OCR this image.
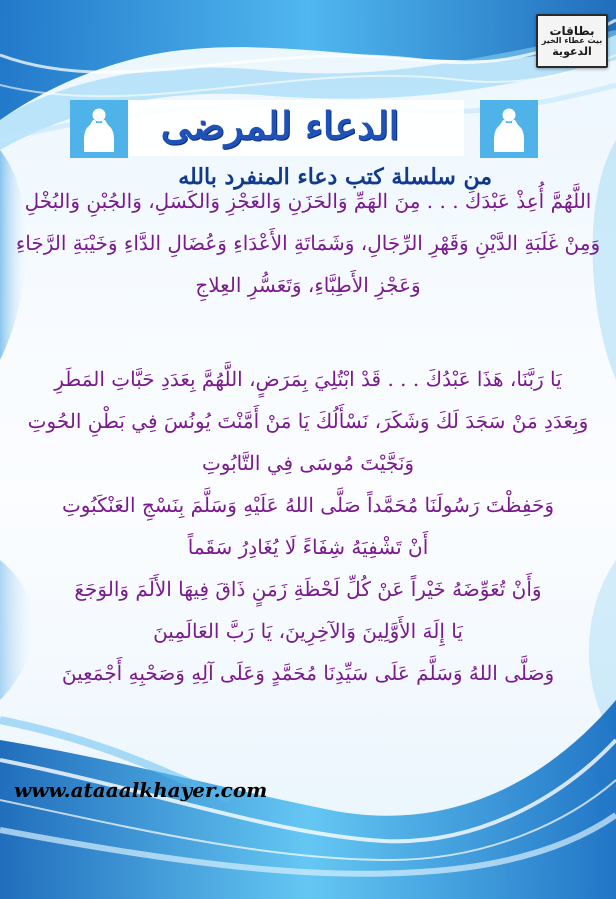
بطاقات
بيت عطاء الخير
الدعوية
الدعاء للمرضى
من سلسلة كتب دعاء المنفرد بالله
اللَّهُمَّ أُعِذْ عَبْدَكَ . . . مِنَ الهَمِّ وَالحَزَنِ وَالعَجْزِ وَالكَسَلِ، وَالجُبْنِ وَالبُخْلِ
وَمِنْ غَلَبَةِ الدَّيْنِ وَقَهْرِ الرِّجَالِ، وَشَمَاتَةِ الأَعْدَاءِ وَعُضَالِ الدَّاءِ وَخَيْبَةِ الرَّجَاءِ
وَعَجْزِ الأَطِبَّاءِ، وَتَعَسُّرِ العِلاجِ
يَا رَبَّنَا، هَذَا عَبْدُكَ . . . قَدْ ابْتُلِيَ بِمَرَضٍ، اللَّهُمَّ بِعَدَدِ حَبَّاتِ المَطَرِ
وَبِعَدَدِ مَنْ سَجَدَ لَكَ وَشَكَرَ، نَسْأَلُكَ يَا مَنْ أَمَّنْتَ يُونُسَ فِي بَطْنِ الحُوتِ
وَنَجَّيْتَ مُوسَى فِي التَّابُوتِ
وَحَفِظْتَ رَسُولَنَا مُحَمَّداً صَلَّى اللهُ عَلَيْهِ وَسَلَّمَ بِنَسْجِ العَنْكَبُوتِ
أَنْ تَشْفِيَهُ شِفَاءً لَا يُغَادِرُ سَقَماً
وَأَنْ تُعَوِّضَهُ خَيْراً عَنْ كُلِّ لَحْظَةِ زَمَنٍ ذَاقَ فِيهَا الأَلَمَ وَالوَجَعَ
يَا إِلَهَ الأَوَّلِينَ وَالآخِرِينَ، يَا رَبَّ العَالَمِينَ
وَصَلَّى اللهُ وَسَلَّمَ عَلَى سَيِّدِنَا مُحَمَّدٍ وَعَلَى آلِهِ وَصَحْبِهِ أَجْمَعِينَ
www.ataaalkhayer.com
